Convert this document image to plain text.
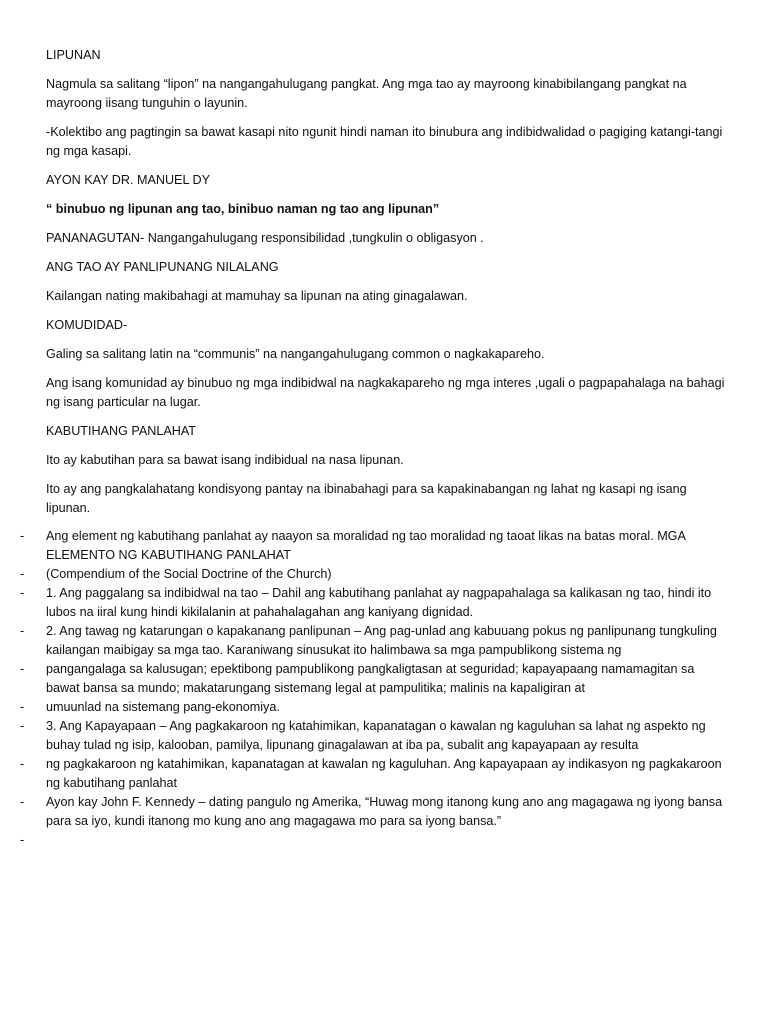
LIPUNAN

Nagmula sa salitang “lipon” na nangangahulugang pangkat. Ang mga tao ay mayroong kinabibilangang pangkat na mayroong iisang tunguhin o layunin.

-Kolektibo ang pagtingin sa bawat kasapi nito ngunit hindi naman ito binubura ang indibidwalidad o pagiging katangi-tangi ng mga kasapi.

AYON KAY DR. MANUEL DY

“ binubuo ng lipunan ang tao, binibuo naman ng tao ang lipunan”

PANANAGUTAN- Nangangahulugang responsibilidad ,tungkulin o obligasyon .

ANG TAO AY PANLIPUNANG NILALANG

Kailangan nating makibahagi at mamuhay sa lipunan na ating ginagalawan.

KOMUDIDAD-

Galing sa salitang latin na “communis” na nangangahulugang common o nagkakapareho.

Ang isang komunidad ay binubuo ng mga indibidwal na nagkakapareho ng mga interes ,ugali o pagpapahalaga na bahagi ng isang particular na lugar.

KABUTIHANG PANLAHAT

Ito ay kabutihan para sa bawat isang indibidual na nasa lipunan.

Ito ay ang pangkalahatang kondisyong pantay na ibinabahagi para sa kapakinabangan ng lahat ng kasapi ng isang lipunan.

- Ang element ng kabutihang panlahat ay naayon sa moralidad ng tao moralidad ng taoat likas na batas moral. MGA ELEMENTO NG KABUTIHANG PANLAHAT
- (Compendium of the Social Doctrine of the Church)
- 1. Ang paggalang sa indibidwal na tao – Dahil ang kabutihang panlahat ay nagpapahalaga sa kalikasan ng tao, hindi ito lubos na iiral kung hindi kikilalanin at pahahalagahan ang kaniyang dignidad.
- 2. Ang tawag ng katarungan o kapakanang panlipunan – Ang pag-unlad ang kabuuang pokus ng panlipunang tungkuling kailangan maibigay sa mga tao. Karaniwang sinusukat ito halimbawa sa mga pampublikong sistema ng
- pangangalaga sa kalusugan; epektibong pampublikong pangkaligtasan at seguridad; kapayapaang namamagitan sa bawat bansa sa mundo; makatarungang sistemang legal at pampulitika; malinis na kapaligiran at
- umuunlad na sistemang pang-ekonomiya.
- 3. Ang Kapayapaan – Ang pagkakaroon ng katahimikan, kapanatagan o kawalan ng kaguluhan sa lahat ng aspekto ng buhay tulad ng isip, kalooban, pamilya, lipunang ginagalawan at iba pa, subalit ang kapayapaan ay resulta
- ng pagkakaroon ng katahimikan, kapanatagan at kawalan ng kaguluhan. Ang kapayapaan ay indikasyon ng pagkakaroon ng kabutihang panlahat
- Ayon kay John F. Kennedy – dating pangulo ng Amerika, “Huwag mong itanong kung ano ang magagawa ng iyong bansa para sa iyo, kundi itanong mo kung ano ang magagawa mo para sa iyong bansa.”
-
